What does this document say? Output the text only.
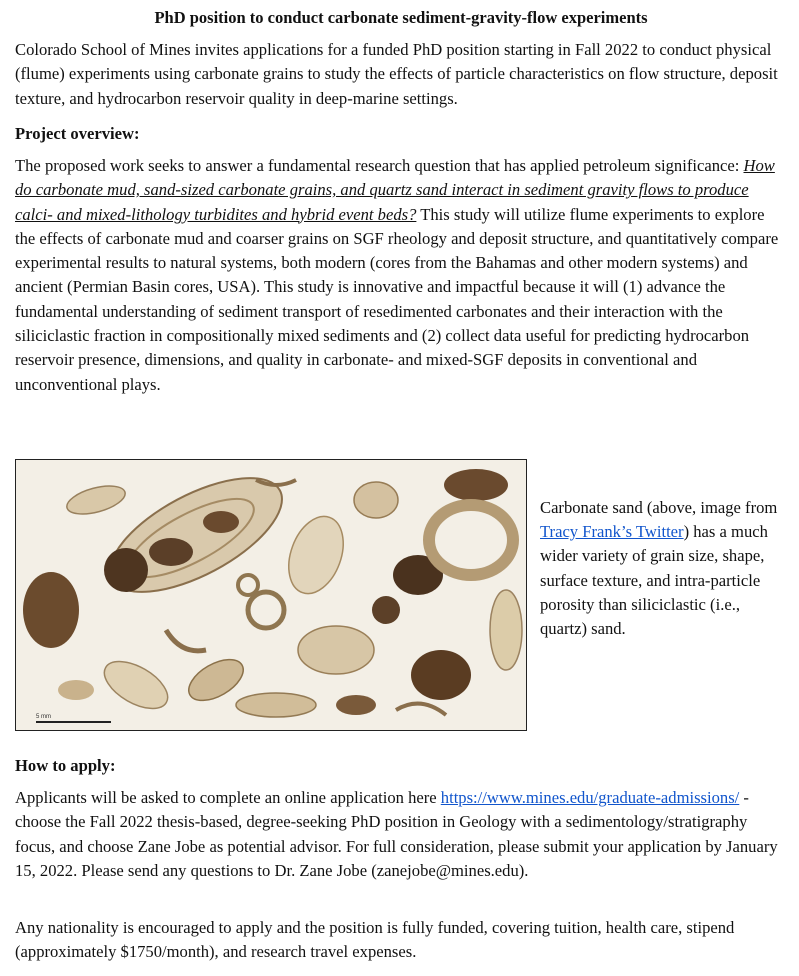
PhD position to conduct carbonate sediment-gravity-flow experiments

Colorado School of Mines invites applications for a funded PhD position starting in Fall 2022 to conduct physical (flume) experiments using carbonate grains to study the effects of particle characteristics on flow structure, deposit texture, and hydrocarbon reservoir quality in deep-marine settings.

Project overview:

The proposed work seeks to answer a fundamental research question that has applied petroleum significance: How do carbonate mud, sand-sized carbonate grains, and quartz sand interact in sediment gravity flows to produce calci- and mixed-lithology turbidites and hybrid event beds? This study will utilize flume experiments to explore the effects of carbonate mud and coarser grains on SGF rheology and deposit structure, and quantitatively compare experimental results to natural systems, both modern (cores from the Bahamas and other modern systems) and ancient (Permian Basin cores, USA). This study is innovative and impactful because it will (1) advance the fundamental understanding of sediment transport of resedimented carbonates and their interaction with the siliciclastic fraction in compositionally mixed sediments and (2) collect data useful for predicting hydrocarbon reservoir presence, dimensions, and quality in carbonate- and mixed-SGF deposits in conventional and unconventional plays.

5 mm
Carbonate sand (above, image from Tracy Frank’s Twitter) has a much wider variety of grain size, shape, surface texture, and intra-particle porosity than siliciclastic (i.e., quartz) sand.
How to apply:

Applicants will be asked to complete an online application here https://www.mines.edu/graduate-admissions/ - choose the Fall 2022 thesis-based, degree-seeking PhD position in Geology with a sedimentology/stratigraphy focus, and choose Zane Jobe as potential advisor. For full consideration, please submit your application by January 15, 2022. Please send any questions to Dr. Zane Jobe (zanejobe@mines.edu).

Any nationality is encouraged to apply and the position is fully funded, covering tuition, health care, stipend (approximately $1750/month), and research travel expenses.
